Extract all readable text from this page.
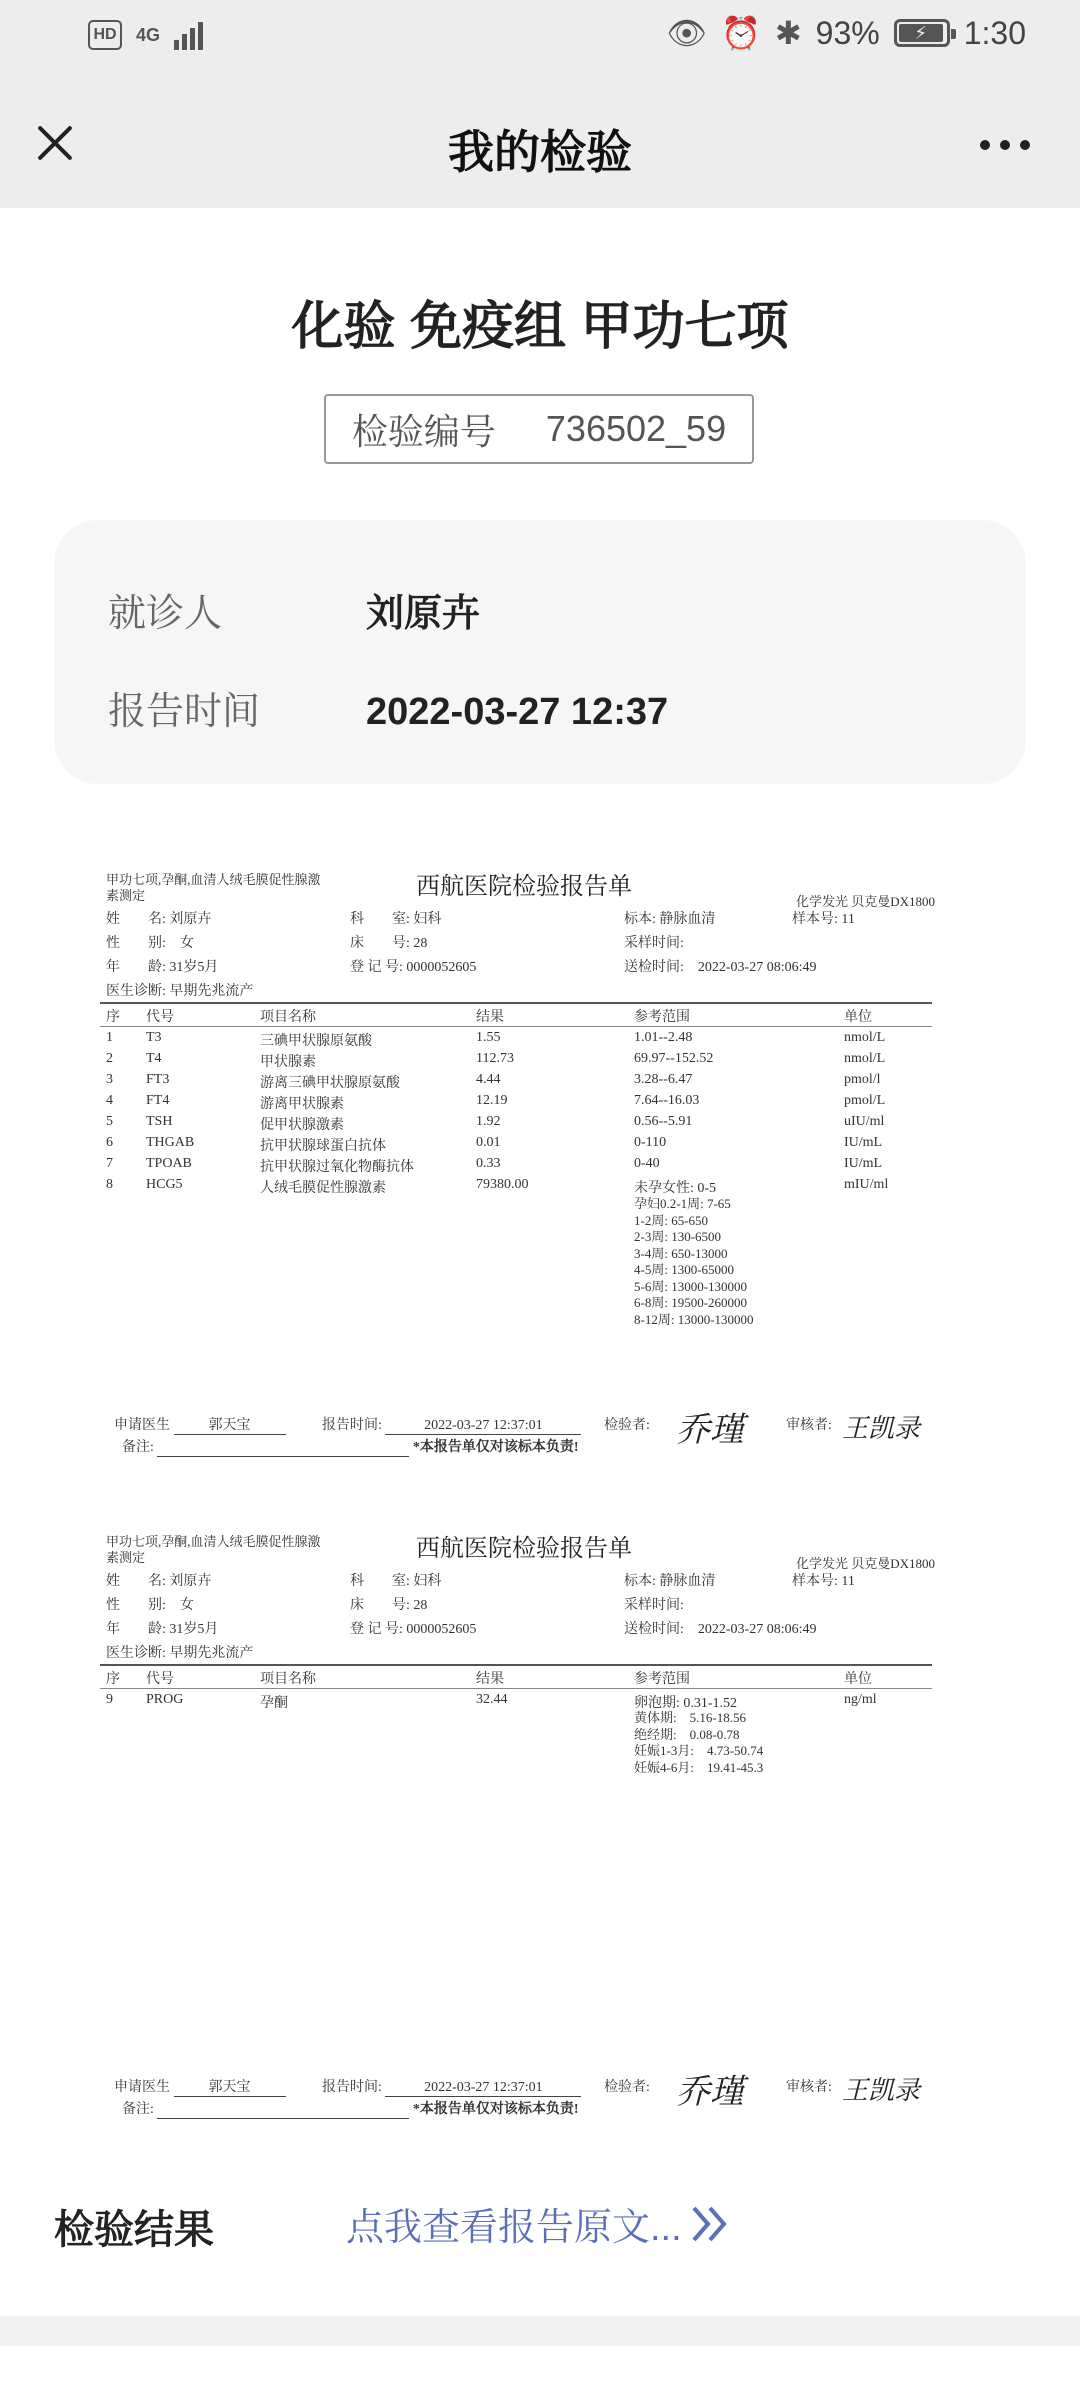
HD	4G	👁 ⏰ ✱ 93%	⚡	1:30
我的检验
化验 免疫组 甲功七项
检验编号 736502_59
就诊人	刘原卉
报告时间	2022-03-27 12:37
甲功七项,孕酮,血清人绒毛膜促性腺激
素测定	西航医院检验报告单
化学发光 贝克曼DX1800
姓　　名: 刘原卉	科　　室: 妇科	标本: 静脉血清	样本号: 11
性　　别:　女	床　　号: 28	采样时间:
年　　龄: 31岁5月	登 记 号: 0000052605	送检时间:　2022-03-27 08:06:49
医生诊断: 早期先兆流产
序 代号	项目名称	结果	参考范围	单位
1 T3	三碘甲状腺原氨酸	1.55	1.01--2.48	nmol/L
2 T4	甲状腺素	112.73	69.97--152.52	nmol/L
3 FT3	游离三碘甲状腺原氨酸	4.44	3.28--6.47	pmol/l
4 FT4	游离甲状腺素	12.19	7.64--16.03	pmol/L
5 TSH	促甲状腺激素	1.92	0.56--5.91	uIU/ml
6 THGAB	抗甲状腺球蛋白抗体	0.01	0-110	IU/mL
7 TPOAB	抗甲状腺过氧化物酶抗体	0.33	0-40	IU/mL
8 HCG5	人绒毛膜促性腺激素	79380.00	未孕女性: 0-5	mIU/ml
孕妇0.2-1周: 7-65
1-2周: 65-650
2-3周: 130-6500
3-4周: 650-13000
4-5周: 1300-65000
5-6周: 13000-130000
6-8周: 19500-260000
8-12周: 13000-130000
申请医生	郭天宝	报告时间:	2022-03-27 12:37:01	检验者: 乔瑾	审核者: 王凯录
备注:	*本报告单仅对该标本负责!
甲功七项,孕酮,血清人绒毛膜促性腺激
素测定	西航医院检验报告单
化学发光 贝克曼DX1800
姓　　名: 刘原卉	科　　室: 妇科	标本: 静脉血清	样本号: 11
性　　别:　女	床　　号: 28	采样时间:
年　　龄: 31岁5月	登 记 号: 0000052605	送检时间:　2022-03-27 08:06:49
医生诊断: 早期先兆流产
序 代号	项目名称	结果	参考范围	单位
9 PROG	孕酮	32.44	卵泡期: 0.31-1.52	ng/ml
黄体期:　5.16-18.56
绝经期:　0.08-0.78
妊娠1-3月:　4.73-50.74
妊娠4-6月:　19.41-45.3
申请医生	郭天宝	报告时间:	2022-03-27 12:37:01	检验者: 乔瑾	审核者: 王凯录
备注:	*本报告单仅对该标本负责!
检验结果	点我查看报告原文...
